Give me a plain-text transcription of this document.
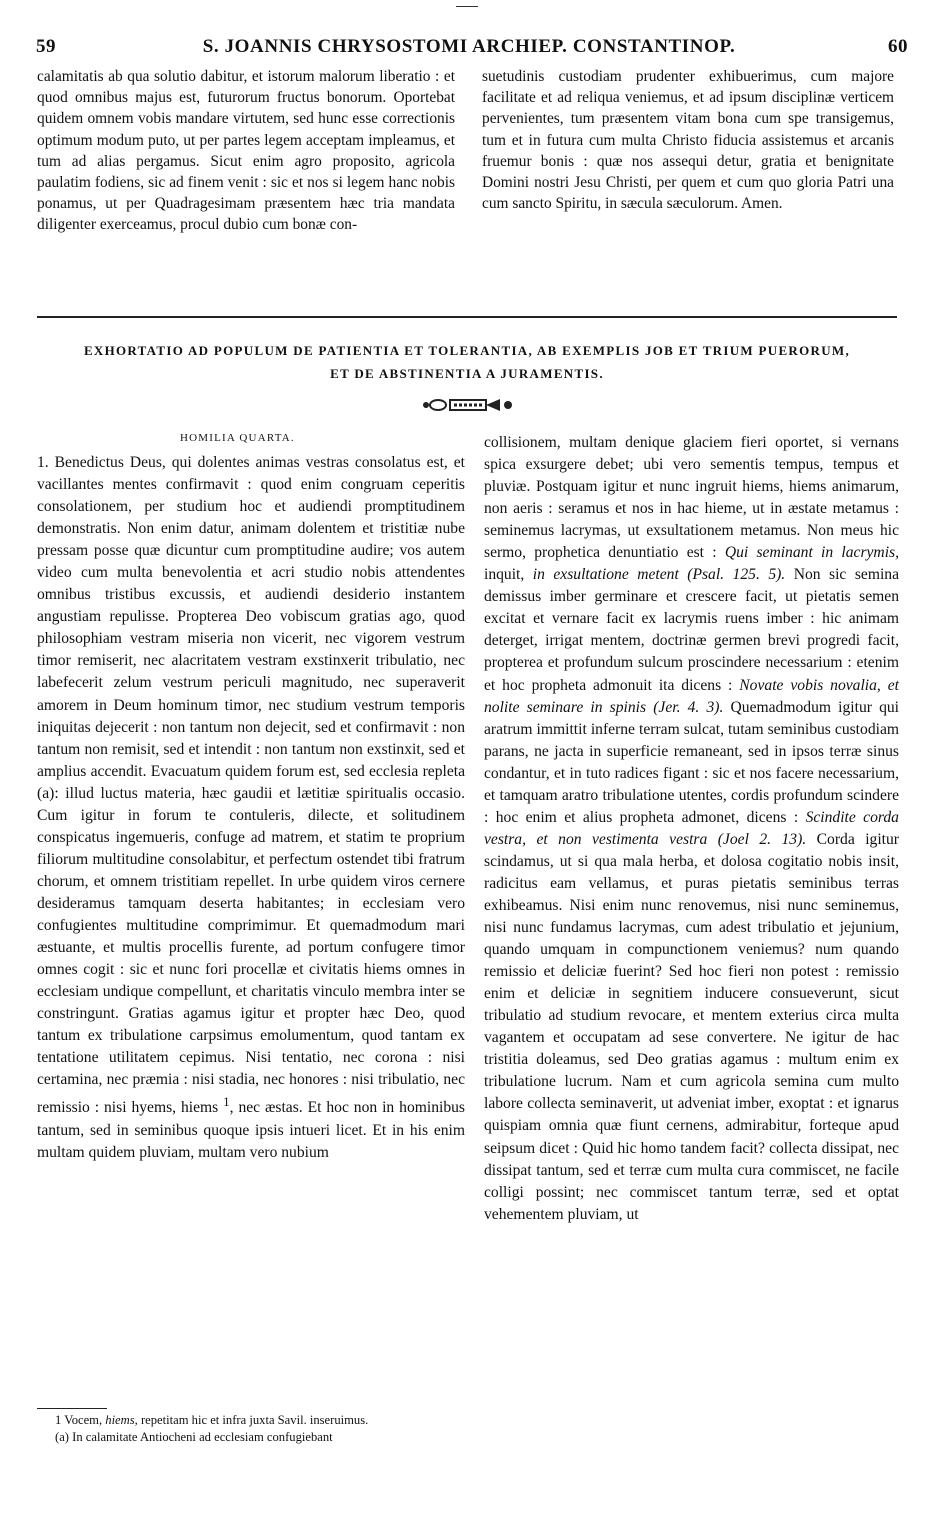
59	S. JOANNIS CHRYSOSTOMI ARCHIEP. CONSTANTINOP.	60

calamitatis ab qua solutio dabitur, et istorum malorum liberatio : et quod omnibus majus est, futurorum fructus bonorum. Oportebat quidem omnem vobis mandare virtutem, sed hunc esse correctionis optimum modum puto, ut per partes legem acceptam impleamus, et tum ad alias pergamus. Sicut enim agro proposito, agricola paulatim fodiens, sic ad finem venit : sic et nos si legem hanc nobis ponamus, ut per Quadragesimam præsentem hæc tria mandata diligenter exerceamus, procul dubio cum bonæ con-

suetudinis custodiam prudenter exhibuerimus, cum majore facilitate et ad reliqua veniemus, et ad ipsum disciplinæ verticem pervenientes, tum præsentem vitam bona cum spe transigemus, tum et in futura cum multa Christo fiducia assistemus et arcanis fruemur bonis : quæ nos assequi detur, gratia et benignitate Domini nostri Jesu Christi, per quem et cum quo gloria Patri una cum sancto Spiritu, in sæcula sæculorum. Amen.

EXHORTATIO AD POPULUM DE PATIENTIA ET TOLERANTIA, AB EXEMPLIS JOB ET TRIUM PUERORUM,
ET DE ABSTINENTIA A JURAMENTIS.
HOMILIA QUARTA.

1. Benedictus Deus, qui dolentes animas vestras consolatus est, et vacillantes mentes confirmavit : quod enim congruam ceperitis consolationem, per studium hoc et audiendi promptitudinem demonstratis. Non enim datur, animam dolentem et tristitiæ nube pressam posse quæ dicuntur cum promptitudine audire; vos autem video cum multa benevolentia et acri studio nobis attendentes omnibus tristibus excussis, et audiendi desiderio instantem angustiam repulisse. Propterea Deo vobiscum gratias ago, quod philosophiam vestram miseria non vicerit, nec vigorem vestrum timor remiserit, nec alacritatem vestram exstinxerit tribulatio, nec labefecerit zelum vestrum periculi magnitudo, nec superaverit amorem in Deum hominum timor, nec studium vestrum temporis iniquitas dejecerit : non tantum non dejecit, sed et confirmavit : non tantum non remisit, sed et intendit : non tantum non exstinxit, sed et amplius accendit. Evacuatum quidem forum est, sed ecclesia repleta (a): illud luctus materia, hæc gaudii et lætitiæ spiritualis occasio. Cum igitur in forum te contuleris, dilecte, et solitudinem conspicatus ingemueris, confuge ad matrem, et statim te proprium filiorum multitudine consolabitur, et perfectum ostendet tibi fratrum chorum, et omnem tristitiam repellet. In urbe quidem viros cernere desideramus tamquam deserta habitantes; in ecclesiam vero confugientes multitudine comprimimur. Et quemadmodum mari æstuante, et multis procellis furente, ad portum confugere timor omnes cogit : sic et nunc fori procellæ et civitatis hiems omnes in ecclesiam undique compellunt, et charitatis vinculo membra inter se constringunt. Gratias agamus igitur et propter hæc Deo, quod tantum ex tribulatione carpsimus emolumentum, quod tantam ex tentatione utilitatem cepimus. Nisi tentatio, nec corona : nisi certamina, nec præmia : nisi stadia, nec honores : nisi tribulatio, nec remissio : nisi hyems, hiems $^1$, nec æstas. Et hoc non in hominibus tantum, sed in seminibus quoque ipsis intueri licet. Et in his enim multam quidem pluviam, multam vero nubium

collisionem, multam denique glaciem fieri oportet, si vernans spica exsurgere debet; ubi vero sementis tempus, tempus et pluviæ. Postquam igitur et nunc ingruit hiems, hiems animarum, non aeris : seramus et nos in hac hieme, ut in æstate metamus : seminemus lacrymas, ut exsultationem metamus. Non meus hic sermo, prophetica denuntiatio est : Qui seminant in lacrymis, inquit, in exsultatione metent (Psal. 125. 5). Non sic semina demissus imber germinare et crescere facit, ut pietatis semen excitat et vernare facit ex lacrymis ruens imber : hic animam deterget, irrigat mentem, doctrinæ germen brevi progredi facit, propterea et profundum sulcum proscindere necessarium : etenim et hoc propheta admonuit ita dicens : Novate vobis novalia, et nolite seminare in spinis (Jer. 4. 3). Quemadmodum igitur qui aratrum immittit inferne terram sulcat, tutam seminibus custodiam parans, ne jacta in superficie remaneant, sed in ipsos terræ sinus condantur, et in tuto radices figant : sic et nos facere necessarium, et tamquam aratro tribulatione utentes, cordis profundum scindere : hoc enim et alius propheta admonet, dicens : Scindite corda vestra, et non vestimenta vestra (Joel 2. 13). Corda igitur scindamus, ut si qua mala herba, et dolosa cogitatio nobis insit, radicitus eam vellamus, et puras pietatis seminibus terras exhibeamus. Nisi enim nunc renovemus, nisi nunc seminemus, nisi nunc fundamus lacrymas, cum adest tribulatio et jejunium, quando umquam in compunctionem veniemus? num quando remissio et deliciæ fuerint? Sed hoc fieri non potest : remissio enim et deliciæ in segnitiem inducere consueverunt, sicut tribulatio ad studium revocare, et mentem exterius circa multa vagantem et occupatam ad sese convertere. Ne igitur de hac tristitia doleamus, sed Deo gratias agamus : multum enim ex tribulatione lucrum. Nam et cum agricola semina cum multo labore collecta seminaverit, ut adveniat imber, exoptat : et ignarus quispiam omnia quæ fiunt cernens, admirabitur, forteque apud seipsum dicet : Quid hic homo tandem facit? collecta dissipat, nec dissipat tantum, sed et terræ cum multa cura commiscet, ne facile colligi possint; nec commiscet tantum terræ, sed et optat vehementem pluviam, ut

1 Vocem, hiems, repetitam hic et infra juxta Savil. inseruimus.

(a) In calamitate Antiocheni ad ecclesiam confugiebant
